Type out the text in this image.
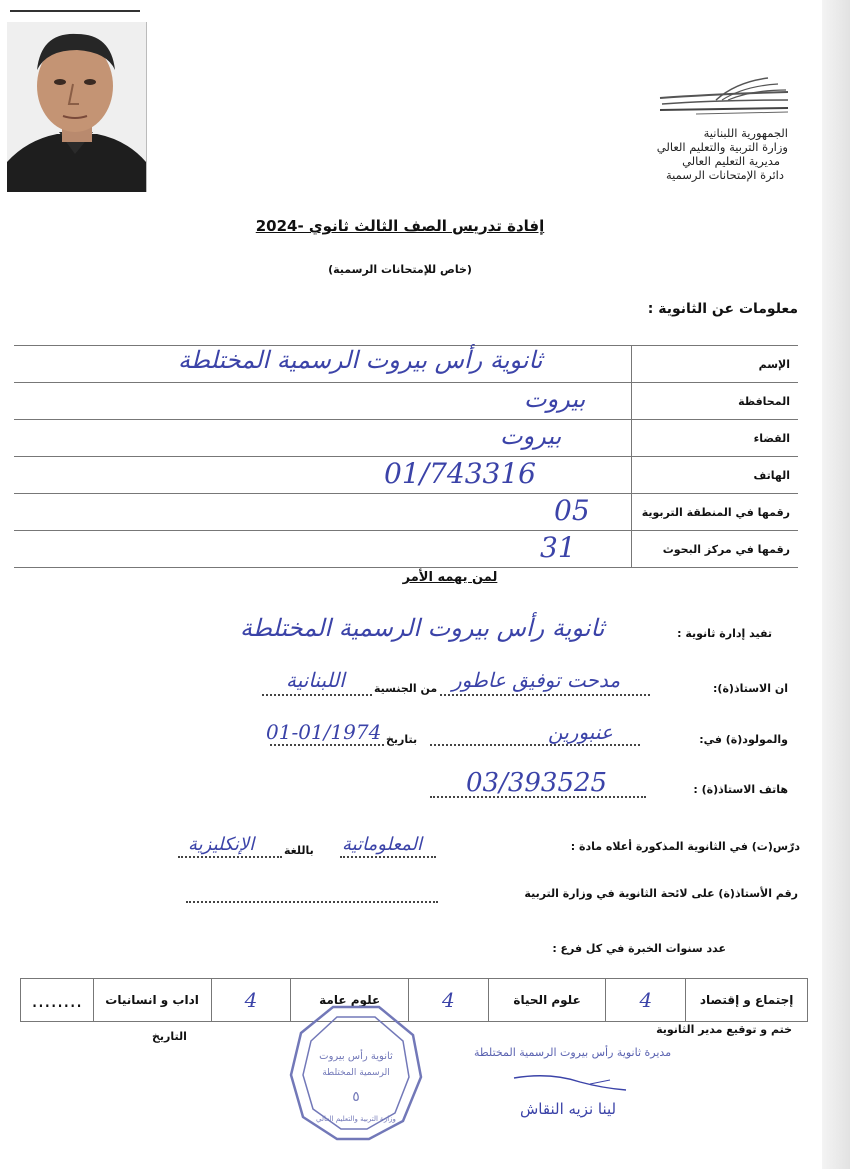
الجمهورية اللبنانية
وزارة التربية والتعليم العالي
مديرية التعليم العالي
دائرة الإمتحانات الرسمية
إفادة تدريس الصف الثالث ثانوي -2024
(خاص للإمتحانات الرسمية)
معلومات عن الثانوية :
ثانوية رأس بيروت الرسمية المختلطة	الإسم

بيروت	المحافظة

بيروت	القضاء

01/743316	الهاتف

05	رقمها في المنطقة التربوية

31	رقمها في مركز البحوث
لمن يهمه الأمر
تفيد إدارة ثانوية :
ثانوية رأس بيروت الرسمية المختلطة
ان الاستاذ(ة):
مدحت توفيق عاطور
من الجنسية
اللبنانية
والمولود(ة) في:
عنبورين
بتاريخ
01-01/1974
هاتف الاستاذ(ة) :
03/393525
درّس(ت) في الثانوية المذكورة أعلاه مادة :
المعلوماتية
باللغة
الإنكليزية
رقم الأستاذ(ة) على لائحة الثانوية في وزارة التربية
عدد سنوات الخبرة في كل فرع :
........	اداب و انسانيات	4	علوم عامة	4	علوم الحياة	4	إجتماع و إقتصاد
ختم و توقيع مدير الثانوية
التاريخ
ثانوية رأس بيروت
الرسمية المختلطة
٥
وزارة التربية والتعليم العالي
مديرة ثانوية رأس بيروت الرسمية المختلطة
لينا نزيه النقاش
